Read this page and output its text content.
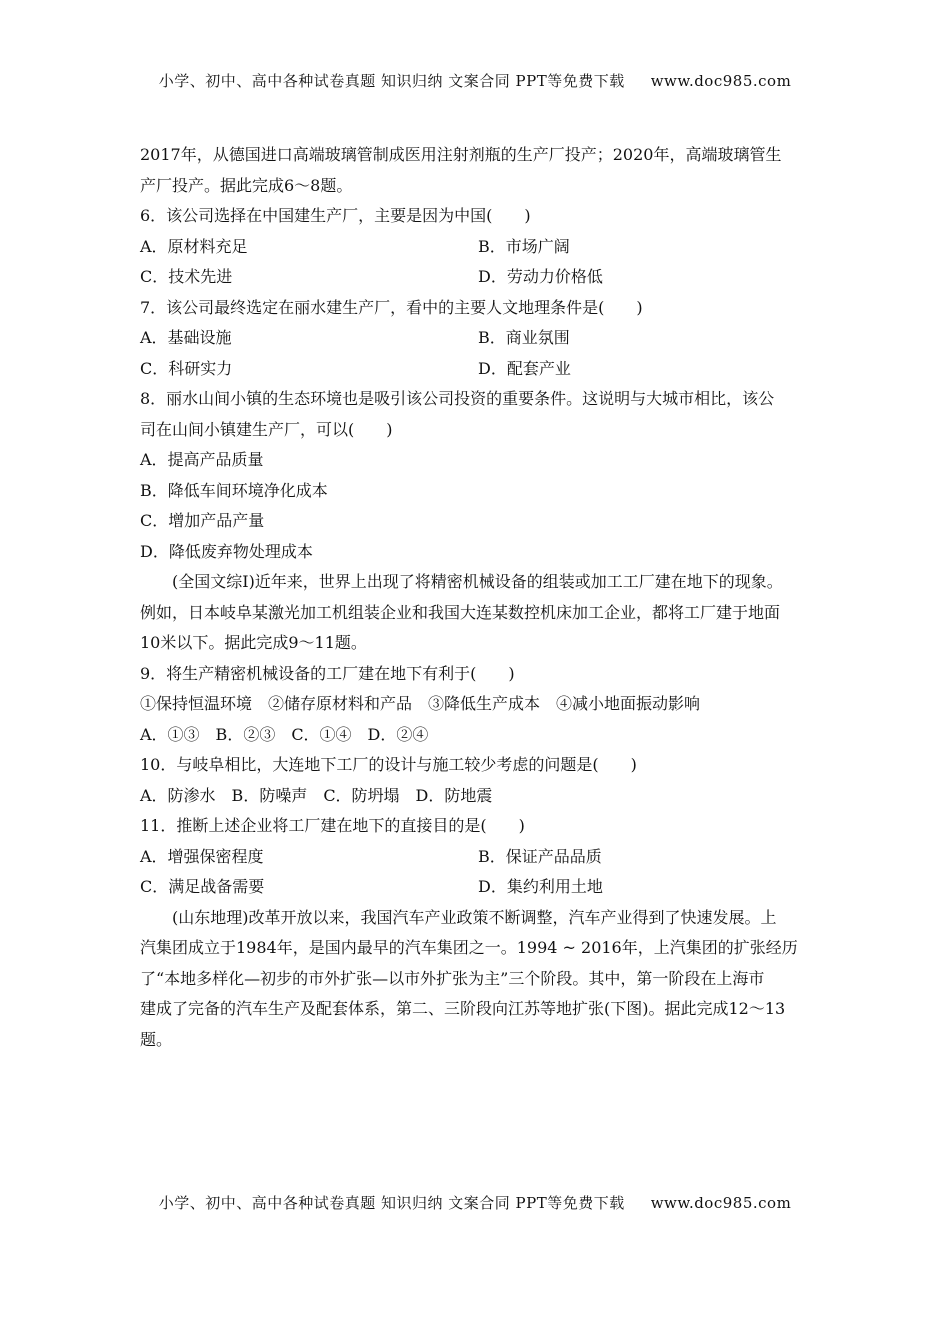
小学、初中、高中各种试卷真题 知识归纳 文案合同 PPT等免费下载 www.doc985.com
2017年，从德国进口高端玻璃管制成医用注射剂瓶的生产厂投产；2020年，高端玻璃管生
产厂投产。据此完成6～8题。
6．该公司选择在中国建生产厂，主要是因为中国(　　)
A．原材料充足	B．市场广阔
C．技术先进	D．劳动力价格低
7．该公司最终选定在丽水建生产厂，看中的主要人文地理条件是(　　)
A．基础设施	B．商业氛围
C．科研实力	D．配套产业
8．丽水山间小镇的生态环境也是吸引该公司投资的重要条件。这说明与大城市相比，该公
司在山间小镇建生产厂，可以(　　)
A．提高产品质量
B．降低车间环境净化成本
C．增加产品产量
D．降低废弃物处理成本
(全国文综Ⅰ)近年来，世界上出现了将精密机械设备的组装或加工工厂建在地下的现象。
例如，日本岐阜某激光加工机组装企业和我国大连某数控机床加工企业，都将工厂建于地面
10米以下。据此完成9～11题。
9．将生产精密机械设备的工厂建在地下有利于(　　)
①保持恒温环境　②储存原材料和产品　③降低生产成本　④减小地面振动影响
A．①③　B．②③　C．①④　D．②④
10．与岐阜相比，大连地下工厂的设计与施工较少考虑的问题是(　　)
A．防渗水　B．防噪声　C．防坍塌　D．防地震
11．推断上述企业将工厂建在地下的直接目的是(　　)
A．增强保密程度	B．保证产品品质
C．满足战备需要	D．集约利用土地
(山东地理)改革开放以来，我国汽车产业政策不断调整，汽车产业得到了快速发展。上
汽集团成立于1984年，是国内最早的汽车集团之一。1994 ~ 2016年，上汽集团的扩张经历
了“本地多样化—初步的市外扩张—以市外扩张为主”三个阶段。其中，第一阶段在上海市
建成了完备的汽车生产及配套体系，第二、三阶段向江苏等地扩张(下图)。据此完成12～13
题。
小学、初中、高中各种试卷真题 知识归纳 文案合同 PPT等免费下载 www.doc985.com
